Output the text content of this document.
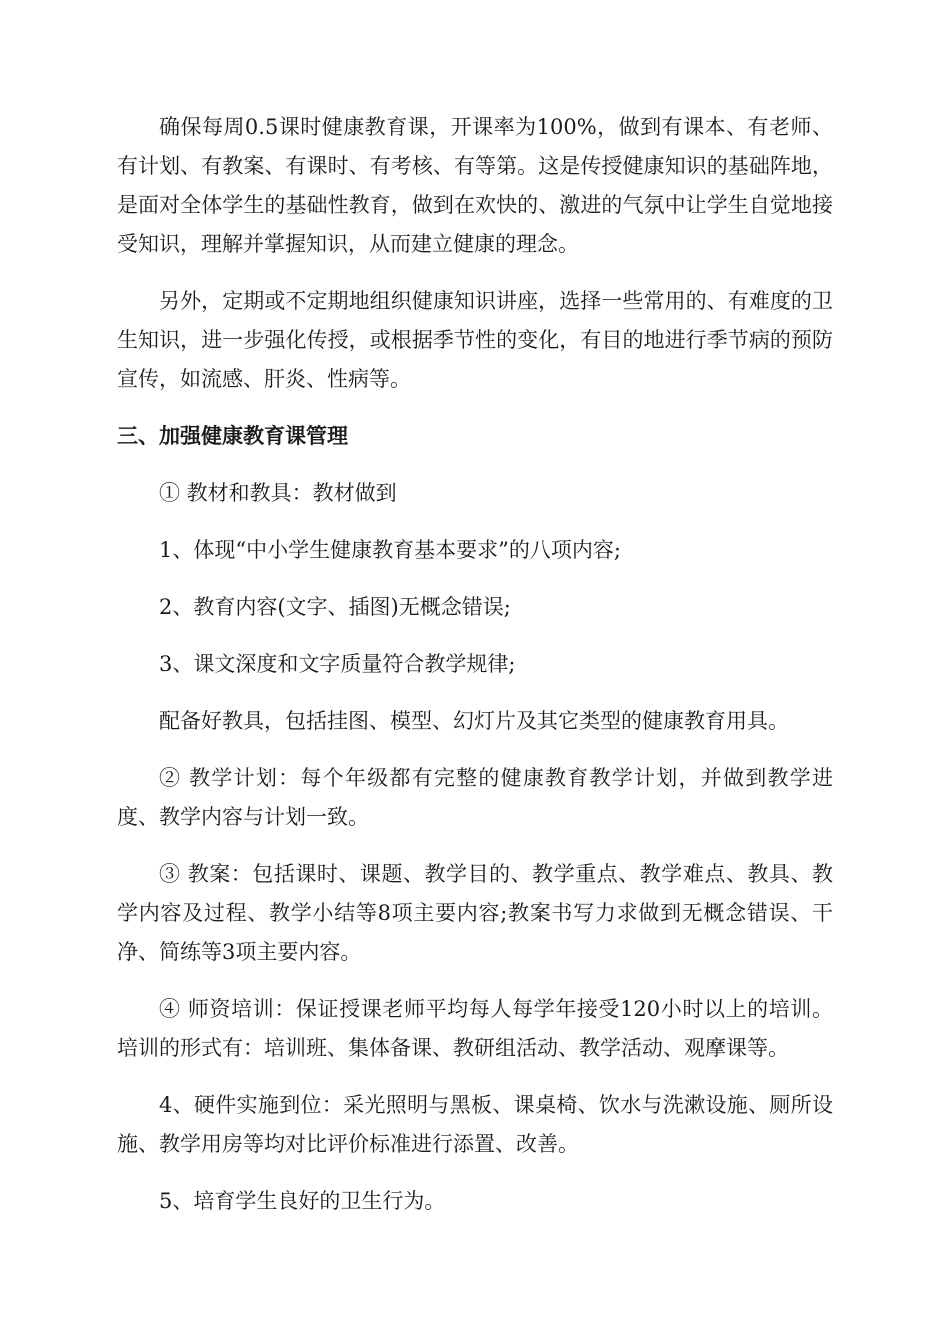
确保每周0.5课时健康教育课，开课率为100%，做到有课本、有老师、有计划、有教案、有课时、有考核、有等第。这是传授健康知识的基础阵地，是面对全体学生的基础性教育，做到在欢快的、激进的气氛中让学生自觉地接受知识，理解并掌握知识，从而建立健康的理念。

另外，定期或不定期地组织健康知识讲座，选择一些常用的、有难度的卫生知识，进一步强化传授，或根据季节性的变化，有目的地进行季节病的预防宣传，如流感、肝炎、性病等。

三、加强健康教育课管理

① 教材和教具：教材做到

1、体现“中小学生健康教育基本要求”的八项内容;

2、教育内容(文字、插图)无概念错误;

3、课文深度和文字质量符合教学规律;

配备好教具，包括挂图、模型、幻灯片及其它类型的健康教育用具。

② 教学计划：每个年级都有完整的健康教育教学计划，并做到教学进度、教学内容与计划一致。

③ 教案：包括课时、课题、教学目的、教学重点、教学难点、教具、教学内容及过程、教学小结等8项主要内容;教案书写力求做到无概念错误、干净、简练等3项主要内容。

④ 师资培训：保证授课老师平均每人每学年接受120小时以上的培训。培训的形式有：培训班、集体备课、教研组活动、教学活动、观摩课等。

4、硬件实施到位：采光照明与黑板、课桌椅、饮水与洗漱设施、厕所设施、教学用房等均对比评价标准进行添置、改善。

5、培育学生良好的卫生行为。
